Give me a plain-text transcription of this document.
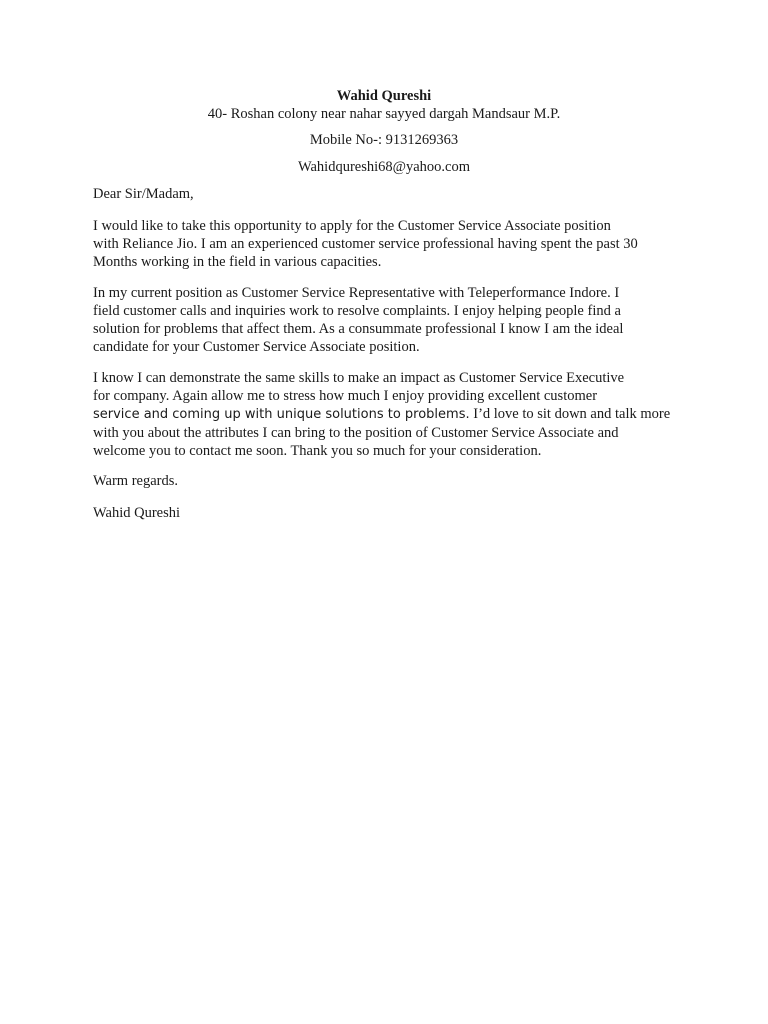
Wahid Qureshi
40- Roshan colony near nahar sayyed dargah Mandsaur M.P.
Mobile No-: 9131269363
Wahidqureshi68@yahoo.com
Dear Sir/Madam,
I would like to take this opportunity to apply for the Customer Service Associate position
with Reliance Jio. I am an experienced customer service professional having spent the past 30
Months working in the field in various capacities.
In my current position as Customer Service Representative with Teleperformance Indore. I
field customer calls and inquiries work to resolve complaints. I enjoy helping people find a
solution for problems that affect them. As a consummate professional I know I am the ideal
candidate for your Customer Service Associate position.
I know I can demonstrate the same skills to make an impact as Customer Service Executive
for company. Again allow me to stress how much I enjoy providing excellent customer
service and coming up with unique solutions to problems. I’d love to sit down and talk more
with you about the attributes I can bring to the position of Customer Service Associate and
welcome you to contact me soon. Thank you so much for your consideration.
Warm regards.
Wahid Qureshi
